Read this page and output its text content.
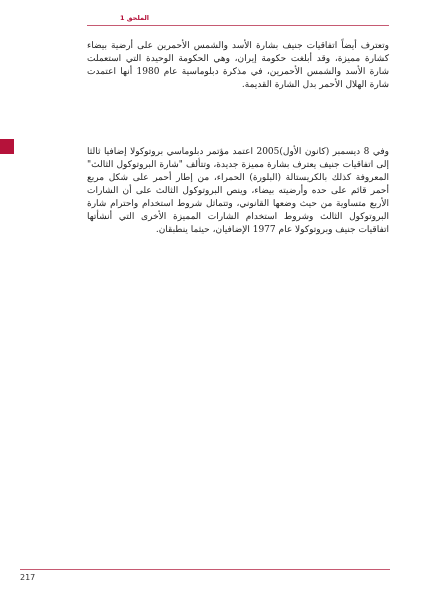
الملحق 1

وتعترف أيضاً اتفاقيات جنيف بشارة الأسد والشمس الأحمرين على أرضية بيضاء كشارة مميزة، وقد أبلغت حكومة إيران، وهي الحكومة الوحيدة التي استعملت شارة الأسد والشمس الأحمرين، في مذكرة دبلوماسية عام 1980 أنها اعتمدت شارة الهلال الأحمر بدل الشارة القديمة.

وفي 8 ديسمبر (كانون الأول)2005 اعتمد مؤتمر دبلوماسي بروتوكولا إضافيا ثالثا إلى اتفاقيات جنيف يعترف بشارة مميزة جديدة، وتتألف "شارة البروتوكول الثالث" المعروفة كذلك بالكريستالة (البلورة) الحمراء، من إطار أحمر على شكل مربع أحمر قائم على حده وأرضيته بيضاء، وينص البروتوكول الثالث على أن الشارات الأربع متساوية من حيث وضعها القانوني، وتتماثل شروط استخدام واحترام شارة البروتوكول الثالث وشروط استخدام الشارات المميزة الأخرى التي أنشأتها اتفاقيات جنيف وبروتوكولا عام 1977 الإضافيان، حيثما ينطبقان.

217
